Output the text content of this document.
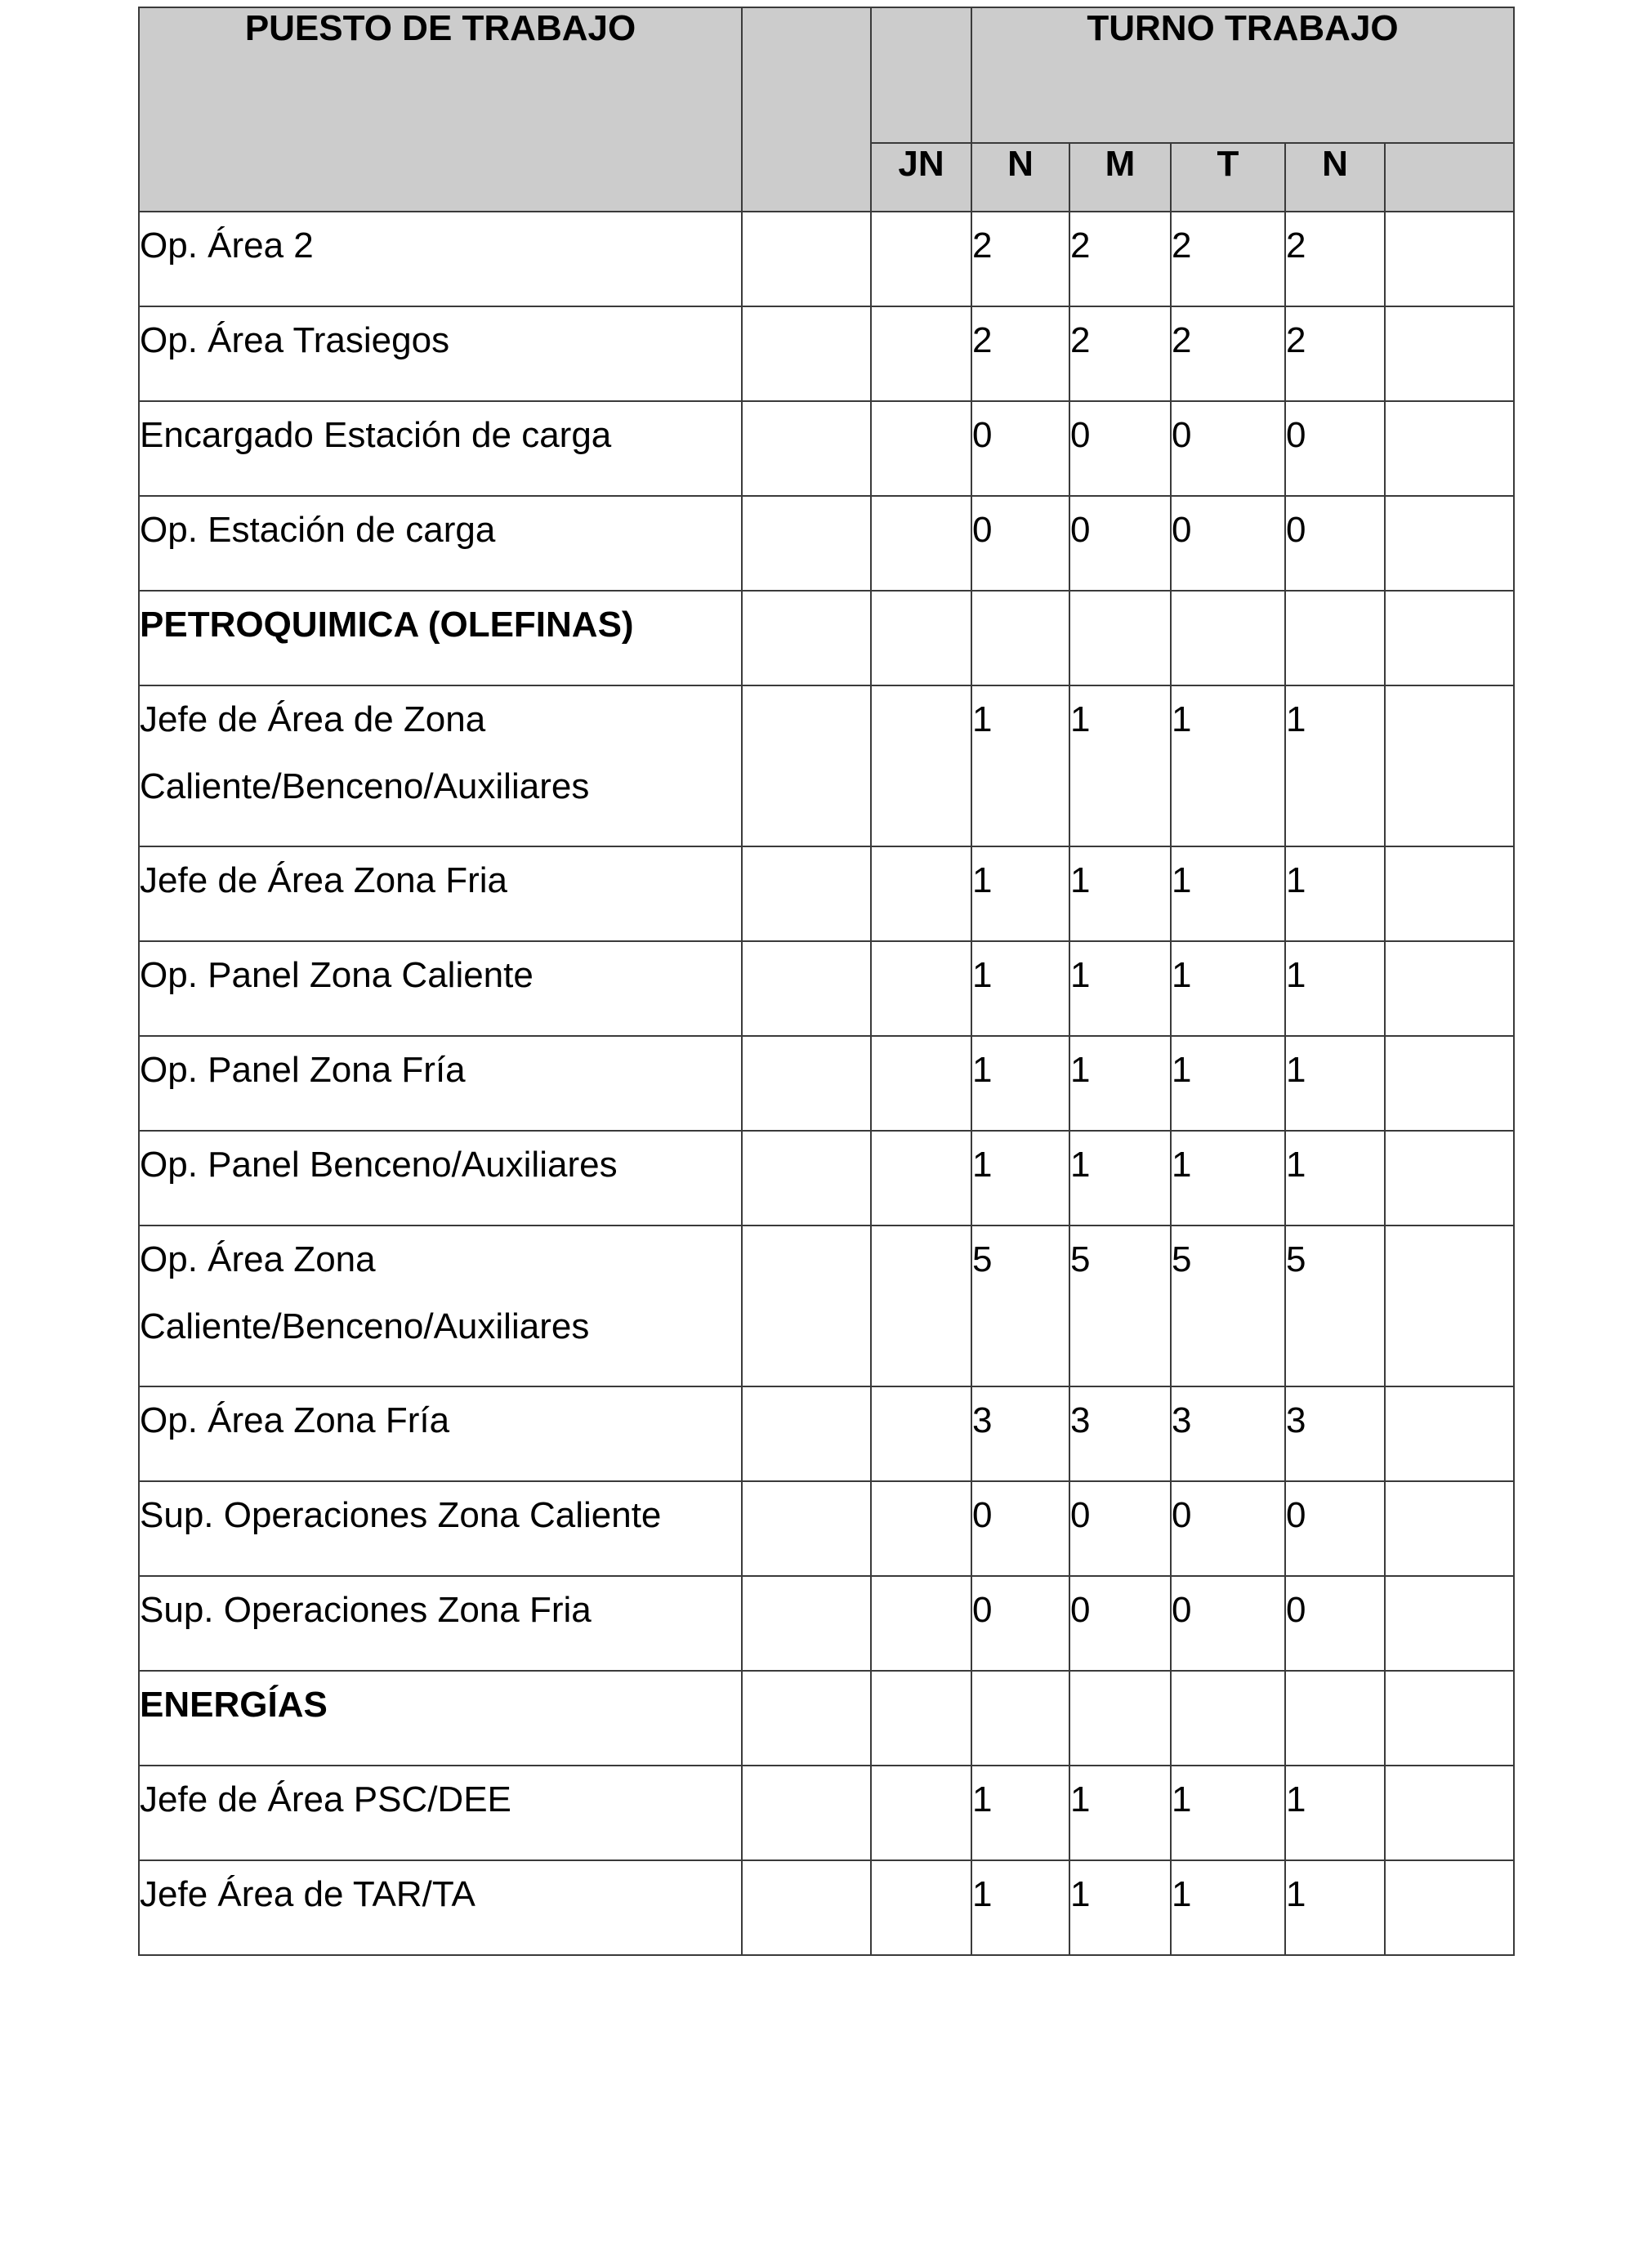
PUESTO DE TRABAJO			TURNO TRABAJO				
		JN	N	M	T	N	
Op. Área 2			2	2	2	2	
Op. Área Trasiegos			2	2	2	2	
Encargado Estación de carga			0	0	0	0	
Op. Estación de carga			0	0	0	0	
PETROQUIMICA (OLEFINAS)							
Jefe de Área de Zona Caliente/Benceno/Auxiliares			1	1	1	1	
Jefe de Área Zona Fria			1	1	1	1	
Op. Panel Zona Caliente			1	1	1	1	
Op. Panel Zona Fría			1	1	1	1	
Op. Panel Benceno/Auxiliares			1	1	1	1	
Op. Área Zona Caliente/Benceno/Auxiliares			5	5	5	5	
Op. Área Zona Fría			3	3	3	3	
Sup. Operaciones Zona Caliente			0	0	0	0	
Sup. Operaciones Zona Fria			0	0	0	0	
ENERGÍAS							
Jefe de Área PSC/DEE			1	1	1	1	
Jefe Área de TAR/TA			1	1	1	1	
